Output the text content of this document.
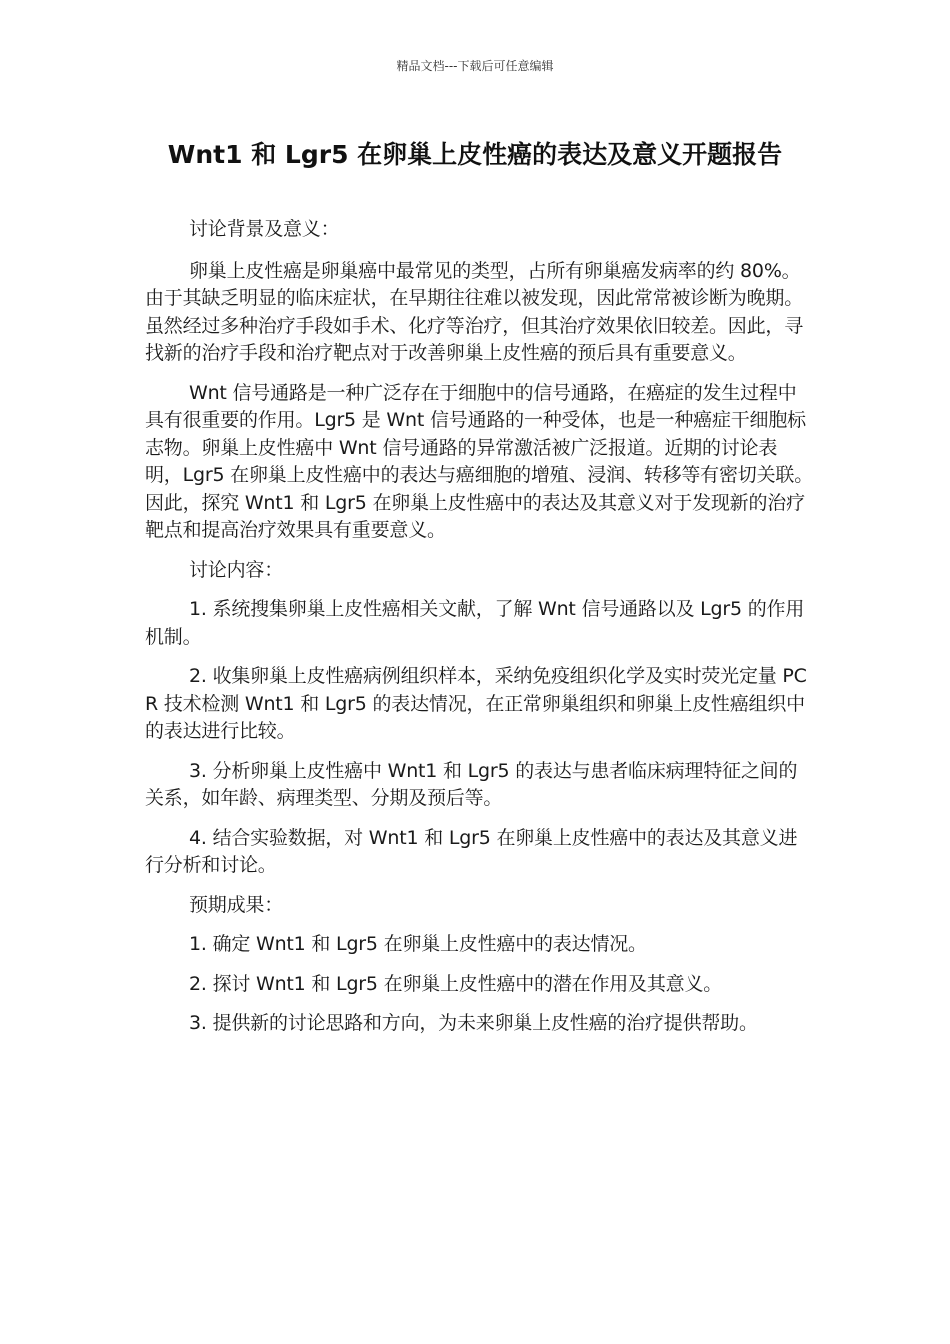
精品文档---下载后可任意编辑
Wnt1 和 Lgr5 在卵巢上皮性癌的表达及意义开题报告

讨论背景及意义：

卵巢上皮性癌是卵巢癌中最常见的类型，占所有卵巢癌发病率的约 80%。由于其缺乏明显的临床症状，在早期往往难以被发现，因此常常被诊断为晚期。虽然经过多种治疗手段如手术、化疗等治疗，但其治疗效果依旧较差。因此，寻找新的治疗手段和治疗靶点对于改善卵巢上皮性癌的预后具有重要意义。

Wnt 信号通路是一种广泛存在于细胞中的信号通路，在癌症的发生过程中具有很重要的作用。Lgr5 是 Wnt 信号通路的一种受体，也是一种癌症干细胞标志物。卵巢上皮性癌中 Wnt 信号通路的异常激活被广泛报道。近期的讨论表明，Lgr5 在卵巢上皮性癌中的表达与癌细胞的增殖、浸润、转移等有密切关联。因此，探究 Wnt1 和 Lgr5 在卵巢上皮性癌中的表达及其意义对于发现新的治疗靶点和提高治疗效果具有重要意义。

讨论内容：

1. 系统搜集卵巢上皮性癌相关文献，了解 Wnt 信号通路以及 Lgr5 的作用机制。

2. 收集卵巢上皮性癌病例组织样本，采纳免疫组织化学及实时荧光定量 PCR 技术检测 Wnt1 和 Lgr5 的表达情况，在正常卵巢组织和卵巢上皮性癌组织中的表达进行比较。

3. 分析卵巢上皮性癌中 Wnt1 和 Lgr5 的表达与患者临床病理特征之间的关系，如年龄、病理类型、分期及预后等。

4. 结合实验数据，对 Wnt1 和 Lgr5 在卵巢上皮性癌中的表达及其意义进行分析和讨论。

预期成果：

1. 确定 Wnt1 和 Lgr5 在卵巢上皮性癌中的表达情况。

2. 探讨 Wnt1 和 Lgr5 在卵巢上皮性癌中的潜在作用及其意义。

3. 提供新的讨论思路和方向，为未来卵巢上皮性癌的治疗提供帮助。
